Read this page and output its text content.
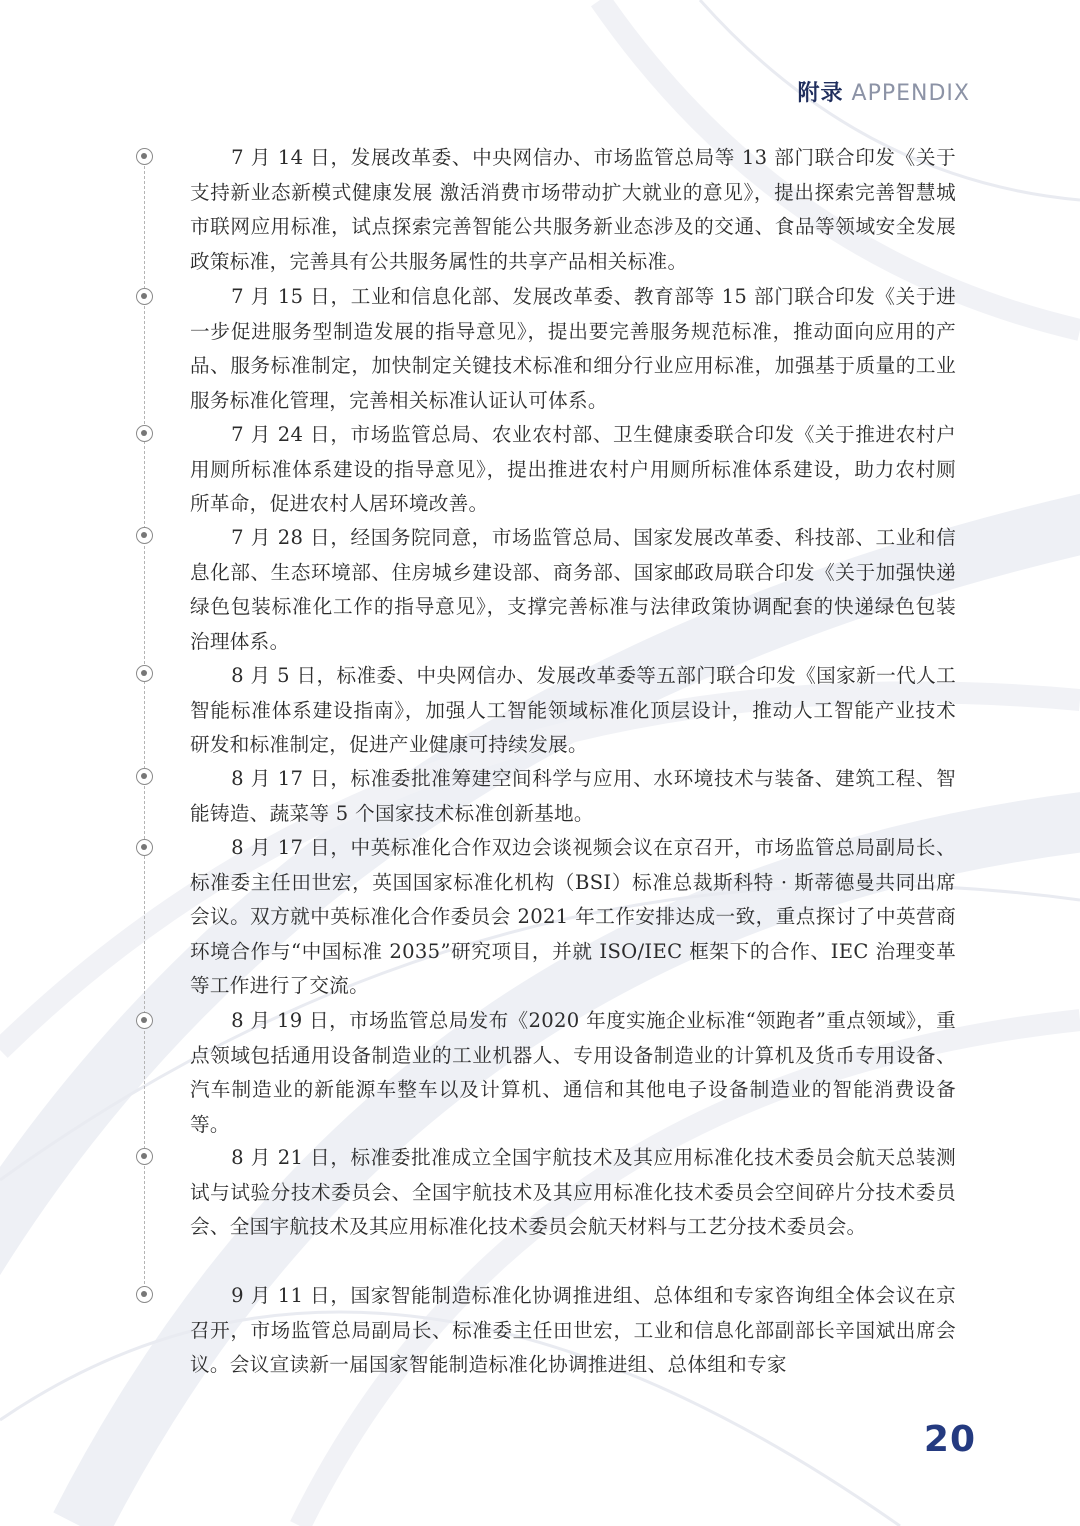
附录 APPENDIX

7 月 14 日，发展改革委、中央网信办、市场监管总局等 13 部门联合印发《关于支持新业态新模式健康发展 激活消费市场带动扩大就业的意见》，提出探索完善智慧城市联网应用标准，试点探索完善智能公共服务新业态涉及的交通、食品等领域安全发展政策标准，完善具有公共服务属性的共享产品相关标准。

7 月 15 日，工业和信息化部、发展改革委、教育部等 15 部门联合印发《关于进一步促进服务型制造发展的指导意见》，提出要完善服务规范标准，推动面向应用的产品、服务标准制定，加快制定关键技术标准和细分行业应用标准，加强基于质量的工业服务标准化管理，完善相关标准认证认可体系。

7 月 24 日，市场监管总局、农业农村部、卫生健康委联合印发《关于推进农村户用厕所标准体系建设的指导意见》，提出推进农村户用厕所标准体系建设，助力农村厕所革命，促进农村人居环境改善。

7 月 28 日，经国务院同意，市场监管总局、国家发展改革委、科技部、工业和信息化部、生态环境部、住房城乡建设部、商务部、国家邮政局联合印发《关于加强快递绿色包装标准化工作的指导意见》，支撑完善标准与法律政策协调配套的快递绿色包装治理体系。

8 月 5 日，标准委、中央网信办、发展改革委等五部门联合印发《国家新一代人工智能标准体系建设指南》，加强人工智能领域标准化顶层设计，推动人工智能产业技术研发和标准制定，促进产业健康可持续发展。

8 月 17 日，标准委批准筹建空间科学与应用、水环境技术与装备、建筑工程、智能铸造、蔬菜等 5 个国家技术标准创新基地。

8 月 17 日，中英标准化合作双边会谈视频会议在京召开，市场监管总局副局长、标准委主任田世宏，英国国家标准化机构（BSI）标准总裁斯科特 · 斯蒂德曼共同出席会议。双方就中英标准化合作委员会 2021 年工作安排达成一致，重点探讨了中英营商环境合作与“中国标准 2035”研究项目，并就 ISO/IEC 框架下的合作、IEC 治理变革等工作进行了交流。

8 月 19 日，市场监管总局发布《2020 年度实施企业标准“领跑者”重点领域》，重点领域包括通用设备制造业的工业机器人、专用设备制造业的计算机及货币专用设备、汽车制造业的新能源车整车以及计算机、通信和其他电子设备制造业的智能消费设备等。

8 月 21 日，标准委批准成立全国宇航技术及其应用标准化技术委员会航天总装测试与试验分技术委员会、全国宇航技术及其应用标准化技术委员会空间碎片分技术委员会、全国宇航技术及其应用标准化技术委员会航天材料与工艺分技术委员会。

9 月 11 日，国家智能制造标准化协调推进组、总体组和专家咨询组全体会议在京召开，市场监管总局副局长、标准委主任田世宏，工业和信息化部副部长辛国斌出席会议。会议宣读新一届国家智能制造标准化协调推进组、总体组和专家

20
